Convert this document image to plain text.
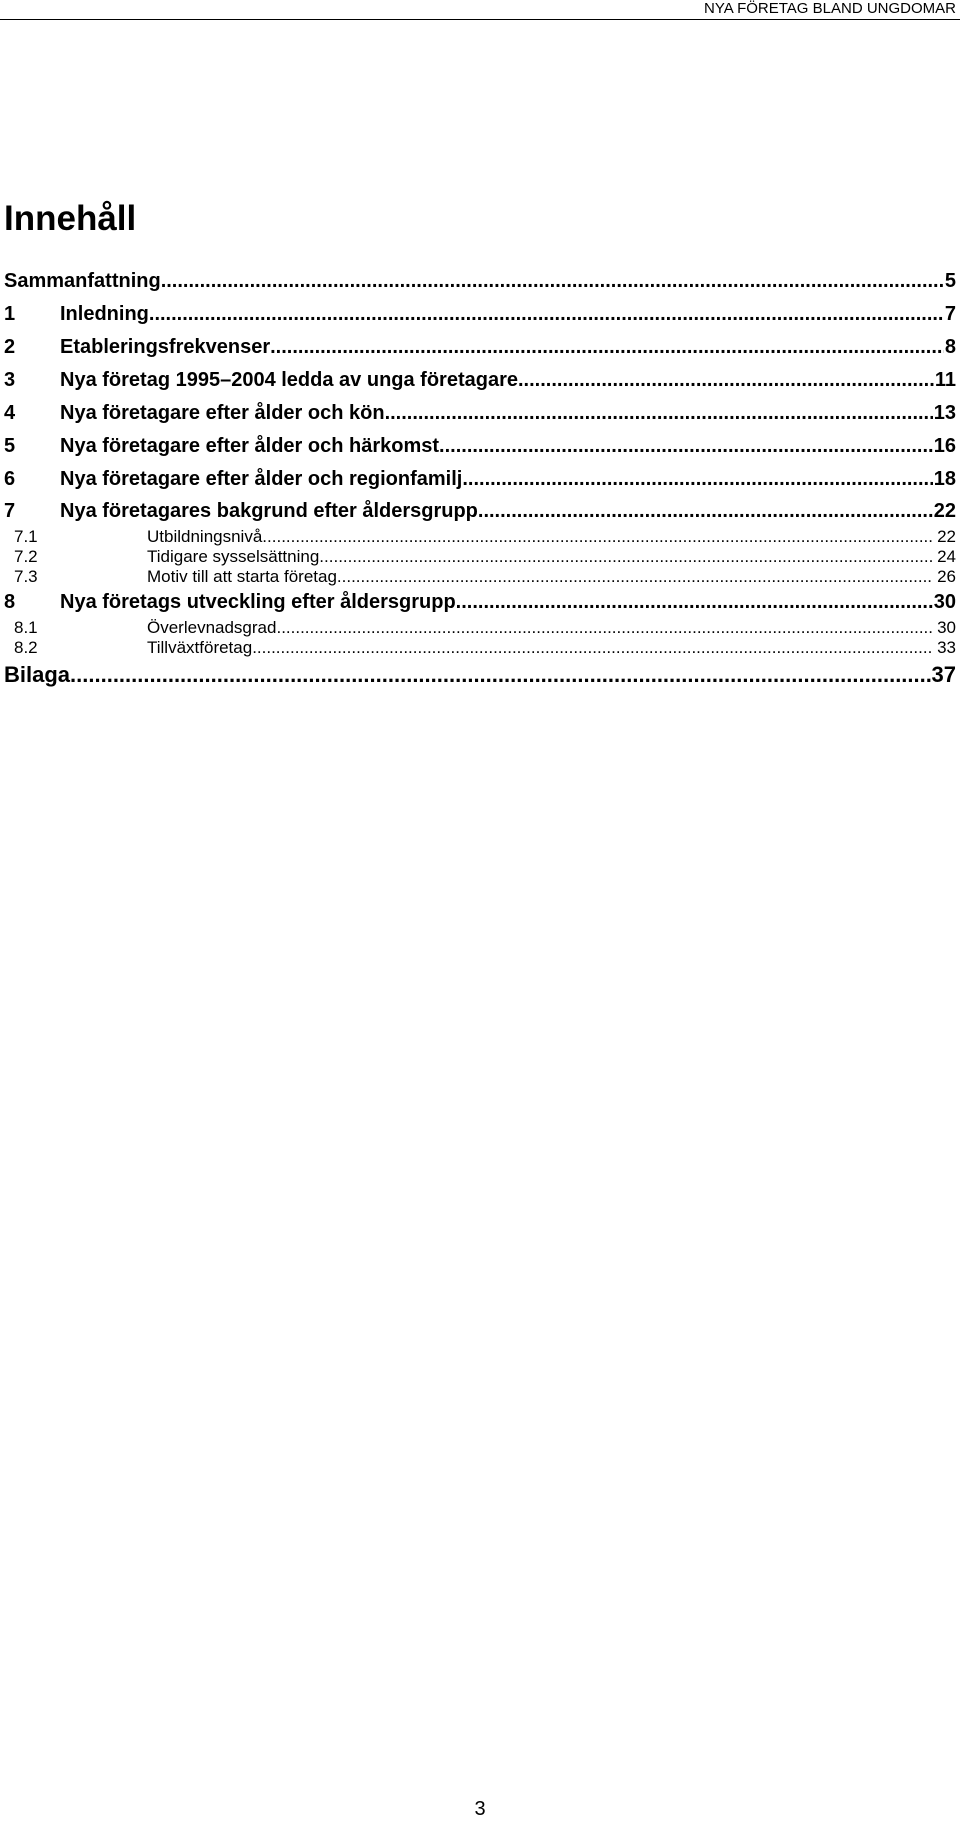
NYA FÖRETAG BLAND UNGDOMAR
Innehåll
Sammanfattning .....	5
1	Inledning .....	7
2	Etableringsfrekvenser .....	8
3	Nya företag 1995–2004 ledda av unga företagare .....	11
4	Nya företagare efter ålder och kön .....	13
5	Nya företagare efter ålder och härkomst .....	16
6	Nya företagare efter ålder och regionfamilj .....	18
7	Nya företagares bakgrund efter åldersgrupp .....	22
7.1	Utbildningsnivå .....	22
7.2	Tidigare sysselsättning .....	24
7.3	Motiv till att starta företag .....	26
8	Nya företags utveckling efter åldersgrupp .....	30
8.1	Överlevnadsgrad .....	30
8.2	Tillväxtföretag .....	33
Bilaga .....	37
3
